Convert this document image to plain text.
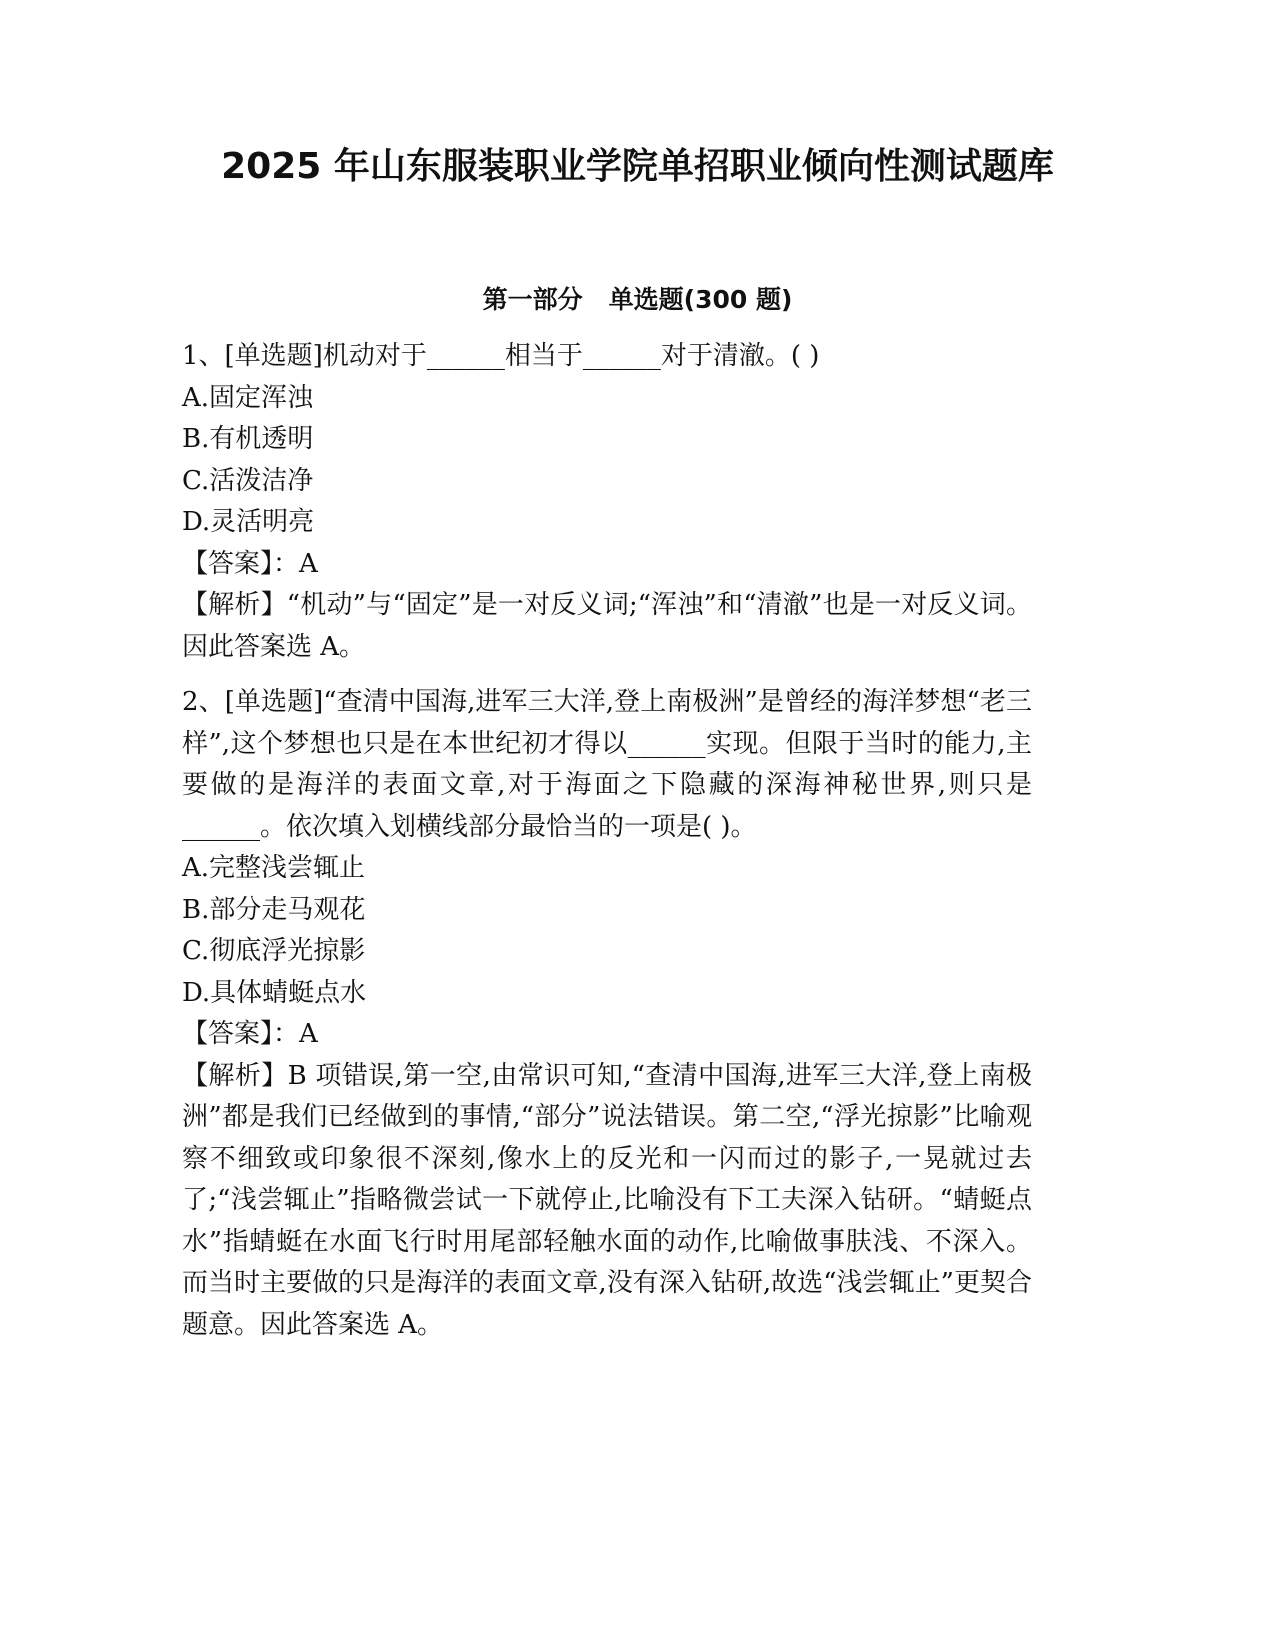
2025 年山东服装职业学院单招职业倾向性测试题库
第一部分   单选题(300 题)

1、[单选题]机动对于______相当于______对于清澈。( )

A.固定浑浊

B.有机透明

C.活泼洁净

D.灵活明亮

【答案】：A

【解析】“机动”与“固定”是一对反义词;“浑浊”和“清澈”也是一对反义词。因此答案选 A。

2、[单选题]“查清中国海,进军三大洋,登上南极洲”是曾经的海洋梦想“老三样”,这个梦想也只是在本世纪初才得以______实现。但限于当时的能力,主要做的是海洋的表面文章,对于海面之下隐藏的深海神秘世界,则只是______。依次填入划横线部分最恰当的一项是( )。

A.完整浅尝辄止

B.部分走马观花

C.彻底浮光掠影

D.具体蜻蜓点水

【答案】：A

【解析】B 项错误,第一空,由常识可知,“查清中国海,进军三大洋,登上南极洲”都是我们已经做到的事情,“部分”说法错误。第二空,“浮光掠影”比喻观察不细致或印象很不深刻,像水上的反光和一闪而过的影子,一晃就过去了;“浅尝辄止”指略微尝试一下就停止,比喻没有下工夫深入钻研。“蜻蜓点水”指蜻蜓在水面飞行时用尾部轻触水面的动作,比喻做事肤浅、不深入。而当时主要做的只是海洋的表面文章,没有深入钻研,故选“浅尝辄止”更契合题意。因此答案选 A。
